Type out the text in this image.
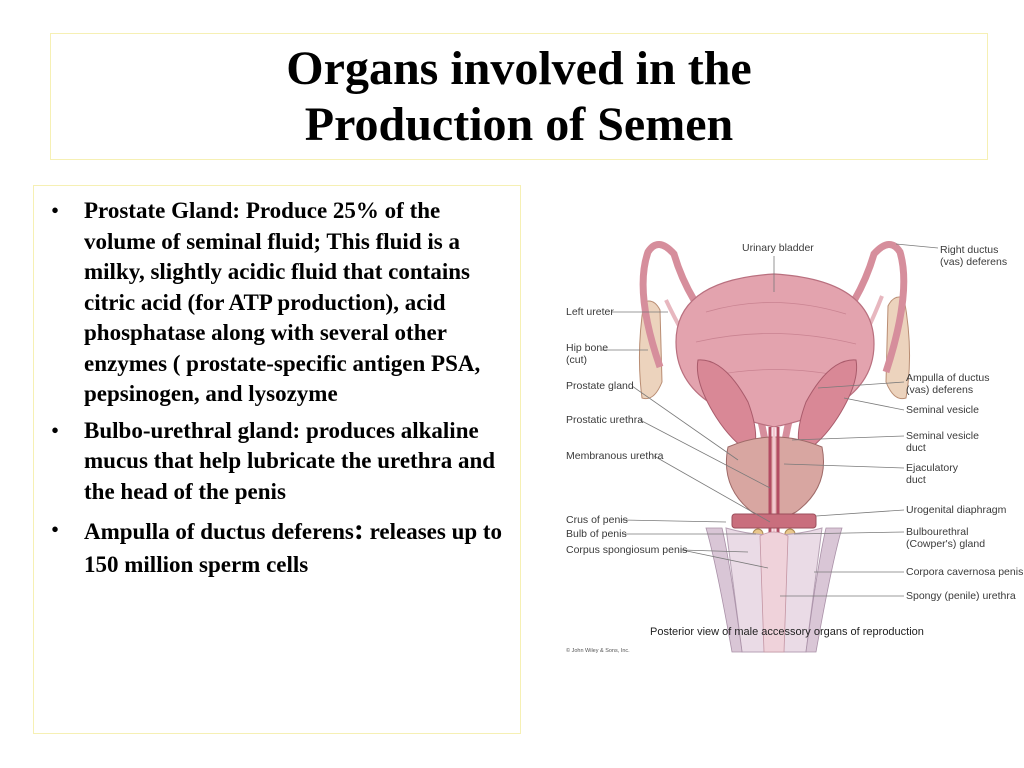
Organs involved in the
Production of Semen
• Prostate Gland: Produce 25% of the volume of seminal fluid; This fluid is a milky, slightly acidic fluid that contains citric acid (for ATP production), acid phosphatase along with several other enzymes ( prostate-specific antigen PSA, pepsinogen, and lysozyme
• Bulbo-urethral gland: produces alkaline mucus that help lubricate the urethra and the head of the penis
• Ampulla of ductus deferens: releases up to 150 million sperm cells
Urinary bladder	Right ductus
(vas) deferens
Left ureter
Hip bone
(cut)
Prostate gland
Ampulla of ductus
(vas) deferens
Seminal vesicle
Prostatic urethra
Seminal vesicle
duct
Membranous urethra
Ejaculatory
duct
Urogenital diaphragm
Crus of penis
Bulb of penis	Bulbourethral
(Cowper's) gland
Corpus spongiosum penis
Corpora cavernosa penis
Spongy (penile) urethra
Posterior view of male accessory organs of reproduction
© John Wiley & Sons, Inc.
